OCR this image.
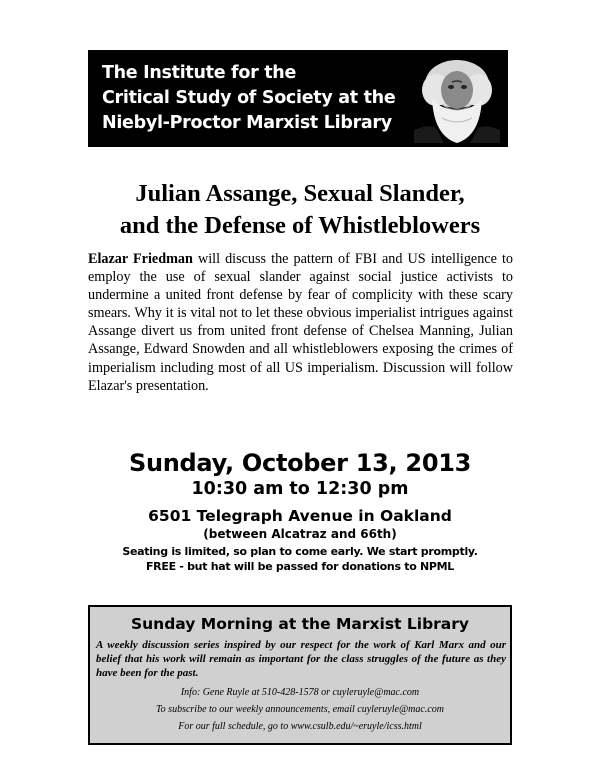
The Institute for the
Critical Study of Society at the
Niebyl-Proctor Marxist Library
Julian Assange, Sexual Slander,
and the Defense of Whistleblowers
Elazar Friedman will discuss the pattern of FBI and US intelligence to employ the use of sexual slander against social justice activists to undermine a united front defense by fear of complicity with these scary smears. Why it is vital not to let these obvious imperialist intrigues against Assange divert us from united front defense of Chelsea Manning, Julian Assange, Edward Snowden and all whistleblowers exposing the crimes of imperialism including most of all US imperialism. Discussion will follow Elazar's presentation.
Sunday, October 13, 2013
10:30 am to 12:30 pm
6501 Telegraph Avenue in Oakland
(between Alcatraz and 66th)
Seating is limited, so plan to come early. We start promptly.
FREE - but hat will be passed for donations to NPML
Sunday Morning at the Marxist Library
A weekly discussion series inspired by our respect for the work of Karl Marx and our belief that his work will remain as important for the class struggles of the future as they have been for the past.
Info: Gene Ruyle at 510-428-1578 or cuyleruyle@mac.com
To subscribe to our weekly announcements, email cuyleruyle@mac.com
For our full schedule, go to www.csulb.edu/~eruyle/icss.html
